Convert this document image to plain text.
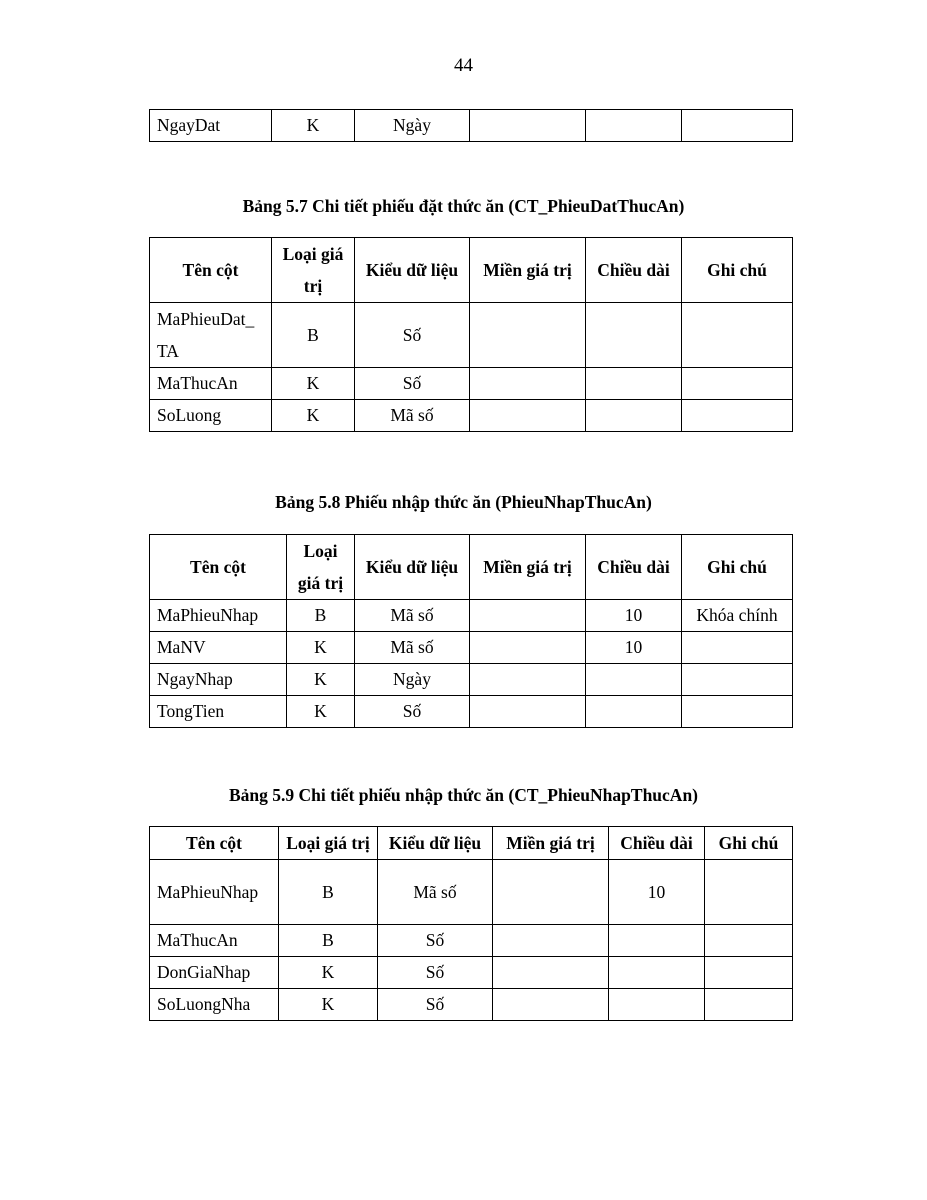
44
NgayDat	K	Ngày			
Bảng 5.7 Chi tiết phiếu đặt thức ăn (CT_PhieuDatThucAn)
Tên cột	Loại giá trị	Kiểu dữ liệu	Miền giá trị	Chiều dài	Ghi chú
MaPhieuDat_TA	B	Số			
MaThucAn	K	Số			
SoLuong	K	Mã số			
Bảng 5.8 Phiếu nhập thức ăn (PhieuNhapThucAn)
Tên cột	Loại giá trị	Kiểu dữ liệu	Miền giá trị	Chiều dài	Ghi chú
MaPhieuNhap	B	Mã số		10	Khóa chính
MaNV	K	Mã số		10	
NgayNhap	K	Ngày			
TongTien	K	Số			
Bảng 5.9 Chi tiết phiếu nhập thức ăn (CT_PhieuNhapThucAn)
Tên cột	Loại giá trị	Kiểu dữ liệu	Miền giá trị	Chiều dài	Ghi chú
MaPhieuNhap	B	Mã số		10	
MaThucAn	B	Số			
DonGiaNhap	K	Số			
SoLuongNha	K	Số			
